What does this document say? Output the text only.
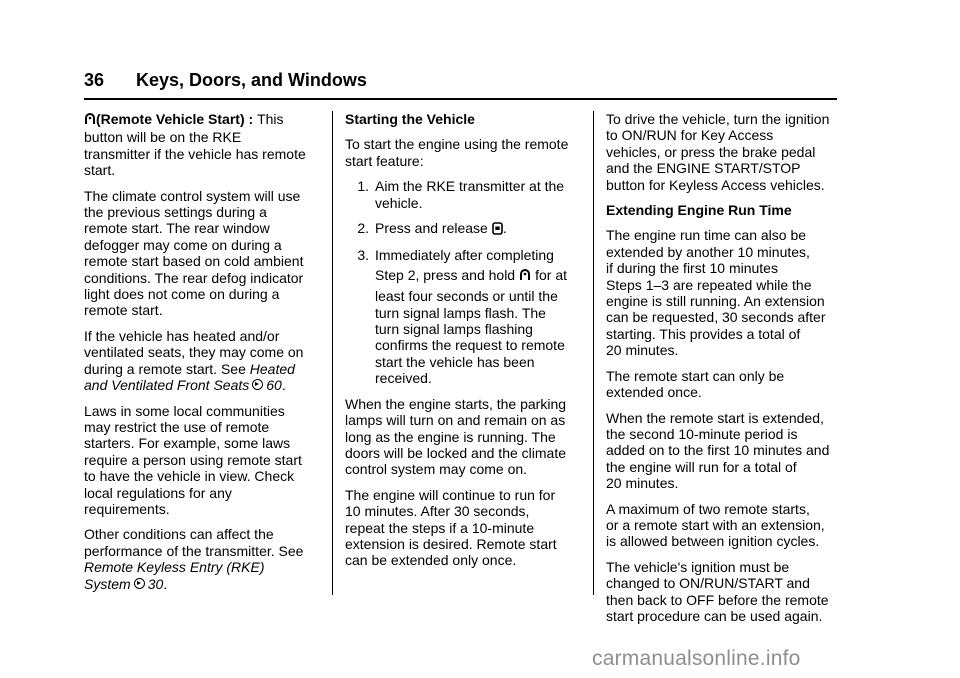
36 Keys, Doors, and Windows

(Remote Vehicle Start) : This
button will be on the RKE
transmitter if the vehicle has remote
start.

The climate control system will use
the previous settings during a
remote start. The rear window
defogger may come on during a
remote start based on cold ambient
conditions. The rear defog indicator
light does not come on during a
remote start.

If the vehicle has heated and/or
ventilated seats, they may come on
during a remote start. See Heated
and Ventilated Front Seats 60.

Laws in some local communities
may restrict the use of remote
starters. For example, some laws
require a person using remote start
to have the vehicle in view. Check
local regulations for any
requirements.

Other conditions can affect the
performance of the transmitter. See
Remote Keyless Entry (RKE)
System 30.

Starting the Vehicle

To start the engine using the remote
start feature:

1. Aim the RKE transmitter at the
vehicle.
2. Press and release .
3. Immediately after completing
Step 2, press and hold for at
least four seconds or until the
turn signal lamps flash. The
turn signal lamps flashing
confirms the request to remote
start the vehicle has been
received.

When the engine starts, the parking
lamps will turn on and remain on as
long as the engine is running. The
doors will be locked and the climate
control system may come on.

The engine will continue to run for
10 minutes. After 30 seconds,
repeat the steps if a 10-minute
extension is desired. Remote start
can be extended only once.

To drive the vehicle, turn the ignition
to ON/RUN for Key Access
vehicles, or press the brake pedal
and the ENGINE START/STOP
button for Keyless Access vehicles.

Extending Engine Run Time

The engine run time can also be
extended by another 10 minutes,
if during the first 10 minutes
Steps 1–3 are repeated while the
engine is still running. An extension
can be requested, 30 seconds after
starting. This provides a total of
20 minutes.

The remote start can only be
extended once.

When the remote start is extended,
the second 10-minute period is
added on to the first 10 minutes and
the engine will run for a total of
20 minutes.

A maximum of two remote starts,
or a remote start with an extension,
is allowed between ignition cycles.

The vehicle's ignition must be
changed to ON/RUN/START and
then back to OFF before the remote
start procedure can be used again.

carmanualsonline.info
